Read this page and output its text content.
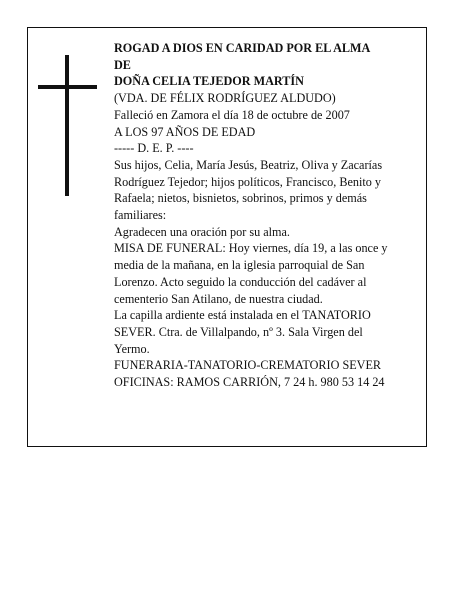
ROGAD A DIOS EN CARIDAD POR EL ALMA
DE
DOÑA CELIA TEJEDOR MARTÍN
(VDA. DE FÉLIX RODRÍGUEZ ALDUDO)
Falleció en Zamora el día 18 de octubre de 2007
A LOS 97 AÑOS DE EDAD
----- D. E. P. ----
Sus hijos, Celia, María Jesús, Beatriz, Oliva y Zacarías
Rodríguez Tejedor; hijos políticos, Francisco, Benito y
Rafaela; nietos, bisnietos, sobrinos, primos y demás
familiares:
Agradecen una oración por su alma.
MISA DE FUNERAL: Hoy viernes, día 19, a las once y
media de la mañana, en la iglesia parroquial de San
Lorenzo. Acto seguido la conducción del cadáver al
cementerio San Atilano, de nuestra ciudad.
La capilla ardiente está instalada en el TANATORIO
SEVER. Ctra. de Villalpando, nº 3. Sala Virgen del
Yermo.
FUNERARIA-TANATORIO-CREMATORIO SEVER
OFICINAS: RAMOS CARRIÓN, 7 24 h. 980 53 14 24
